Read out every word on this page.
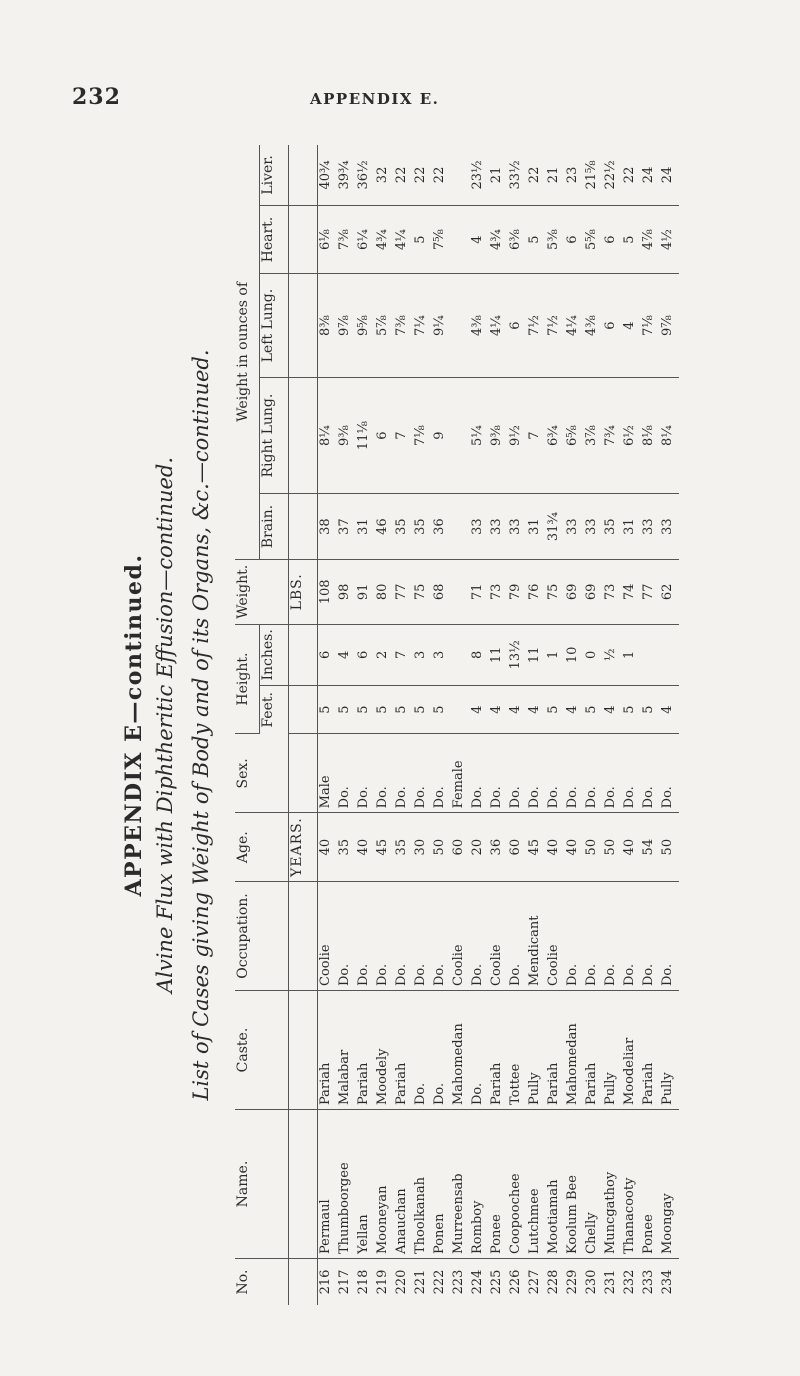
232	APPENDIX E.
APPENDIX E—continued. Alvine Flux with Diphtheritic Effusion—continued. List of Cases giving Weight of Body and of its Organs, &c.—continued.
No.	Name.	Caste.	Occupation.	Age.	Sex.	Height.		Weight.	Weight in ounces of				
						Feet.	Inches.		Brain.	Right Lung.	Left Lung.	Heart.	Liver.
				YEARS.				LBS.					
216	Permaul	Pariah	Coolie	40	Male	5	6	108	38	8¼	8⅜	6⅛	40¾
217	Thumboorgee	Malabar	Do.	35	Do.	5	4	98	37	9⅜	9⅞	7⅜	39¾
218	Yellan	Pariah	Do.	40	Do.	5	6	91	31	11⅛	9⅝	6¼	36½
219	Mooneyan	Moodely	Do.	45	Do.	5	2	80	46	6	5⅞	4¾	32
220	Anauchan	Pariah	Do.	35	Do.	5	7	77	35	7	7⅜	4¼	22
221	Thoolkanah	Do.	Do.	30	Do.	5	3	75	35	7⅛	7¼	5	22
222	Ponen	Do.	Do.	50	Do.	5	3	68	36	9	9¼	7⅝	22
223	Murreensab	Mahomedan	Coolie	60	Female								
224	Romboy	Do.	Do.	20	Do.	4	8	71	33	5¼	4⅜	4	23½
225	Ponee	Pariah	Coolie	36	Do.	4	11	73	33	9⅜	4¼	4¾	21
226	Coopoochee	Tottee	Do.	60	Do.	4	13½	79	33	9½	6	6⅜	33½
227	Lutchmee	Pully	Mendicant	45	Do.	4	11	76	31	7	7½	5	22
228	Mootiamah	Pariah	Coolie	40	Do.	5	1	75	31¾	6¾	7½	5⅜	21
229	Koolum Bee	Mahomedan	Do.	40	Do.	4	10	69	33	6⅝	4¼	6	23
230	Chelly	Pariah	Do.	50	Do.	5	0	69	33	3⅞	4⅜	5⅝	21⅝
231	Muncgathoy	Pully	Do.	50	Do.	4	½	73	35	7¾	6	6	22½
232	Thanacooty	Moodeliar	Do.	40	Do.	5	1	74	31	6½	4	5	22
233	Ponee	Pariah	Do.	54	Do.	5		77	33	8⅛	7⅛	4⅞	24
234	Moongay	Pully	Do.	50	Do.	4		62	33	8¼	9⅞	4½	24
